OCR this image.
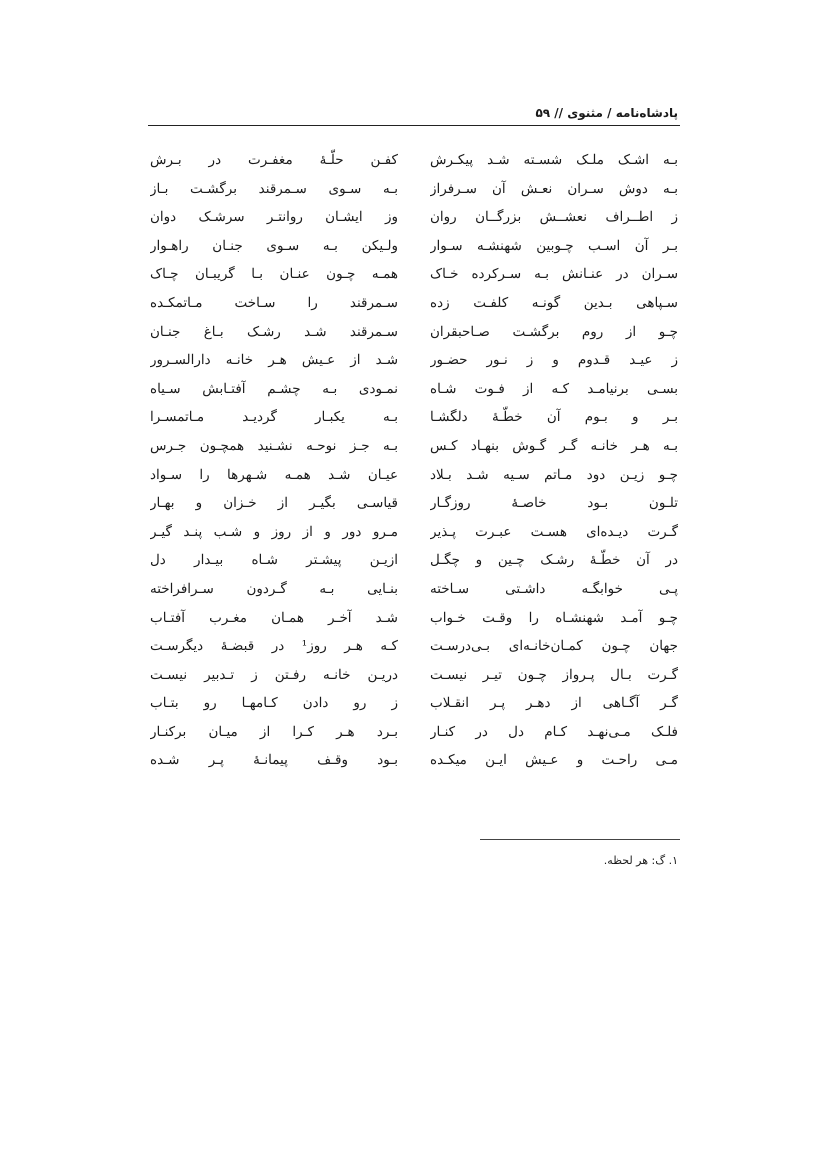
پادشاه‌نامه / مثنوی // ۵۹
بـه اشـک ملـک شسـته شـد پیکـرش
بـه دوش سـران نعـش آن سـرفراز
ز اطــراف نعشــش بزرگــان روان
بـر آن اسـب چـوبین شهنشـه سـوار
سـران در عنـانش بـه سـرکرده خـاک
سـپاهی بـدین گونـه کلفـت زده
چـو از روم برگشـت صـاحبقران
ز عیـد قـدوم و ز نـور حضـور
بسـی برنیامـد کـه از فـوت شـاه
بـر و بـوم آن خطّـهٔ دلگشـا
بـه هـر خانـه گـر گـوش بنهـاد کـس
چـو زیـن دود مـاتم سـیه شـد بـلاد
تلـون بـود خاصـهٔ روزگـار
گـرت دیـده‌ای هسـت عبـرت پـذیر
در آن خطّـهٔ رشـک چـین و چگـل
پـی خوابگـه داشـتی سـاخته
چـو آمـد شهنشـاه را وقـت خـواب
جهان چـون کمـان‌خانـه‌ای بـی‌درسـت
گـرت بـال پـرواز چـون تیـر نیسـت
گـر آگـاهی از دهـر پـر انقـلاب
فلـک مـی‌نهـد کـام دل در کنـار
مـی راحـت و عـیش ایـن میکـده
کفـن حلّـهٔ مغفـرت در بـرش
بـه سـوی سـمرقند برگشـت بـاز
وز ایشـان روانتـر سرشـک دوان
ولـیکن بـه سـوی جنـان راهـوار
همـه چـون عنـان بـا گریبـان چـاک
سـمرقند را سـاخت مـاتمکـده
سـمرقند شـد رشـک بـاغ جنـان
شـد از عـیش هـر خانـه دارالسـرور
نمـودی بـه چشـم آفتـابش سـیاه
بـه یکبـار گردیـد مـاتمسـرا
بـه جـز نوحـه نشـنید همچـون جـرس
عیـان شـد همـه شـهرها را سـواد
قیاسـی بگیـر از خـزان و بهـار
مـرو دور و از روز و شـب پنـد گیـر
ازیـن پیشـتر شـاه بیـدار دل
بنـایی بـه گـردون سـرافراخته
شـد آخـر همـان مغـرب آفتـاب
کـه هـر روز¹ در قبضـهٔ دیگرسـت
دریـن خانـه رفـتن ز تـدبیر نیسـت
ز رو دادن کـامهـا رو بتـاب
بـرد هـر کـرا از میـان برکنـار
بـود وقـف پیمانـهٔ پـر شـده
۱. گ: هر لحظه.
